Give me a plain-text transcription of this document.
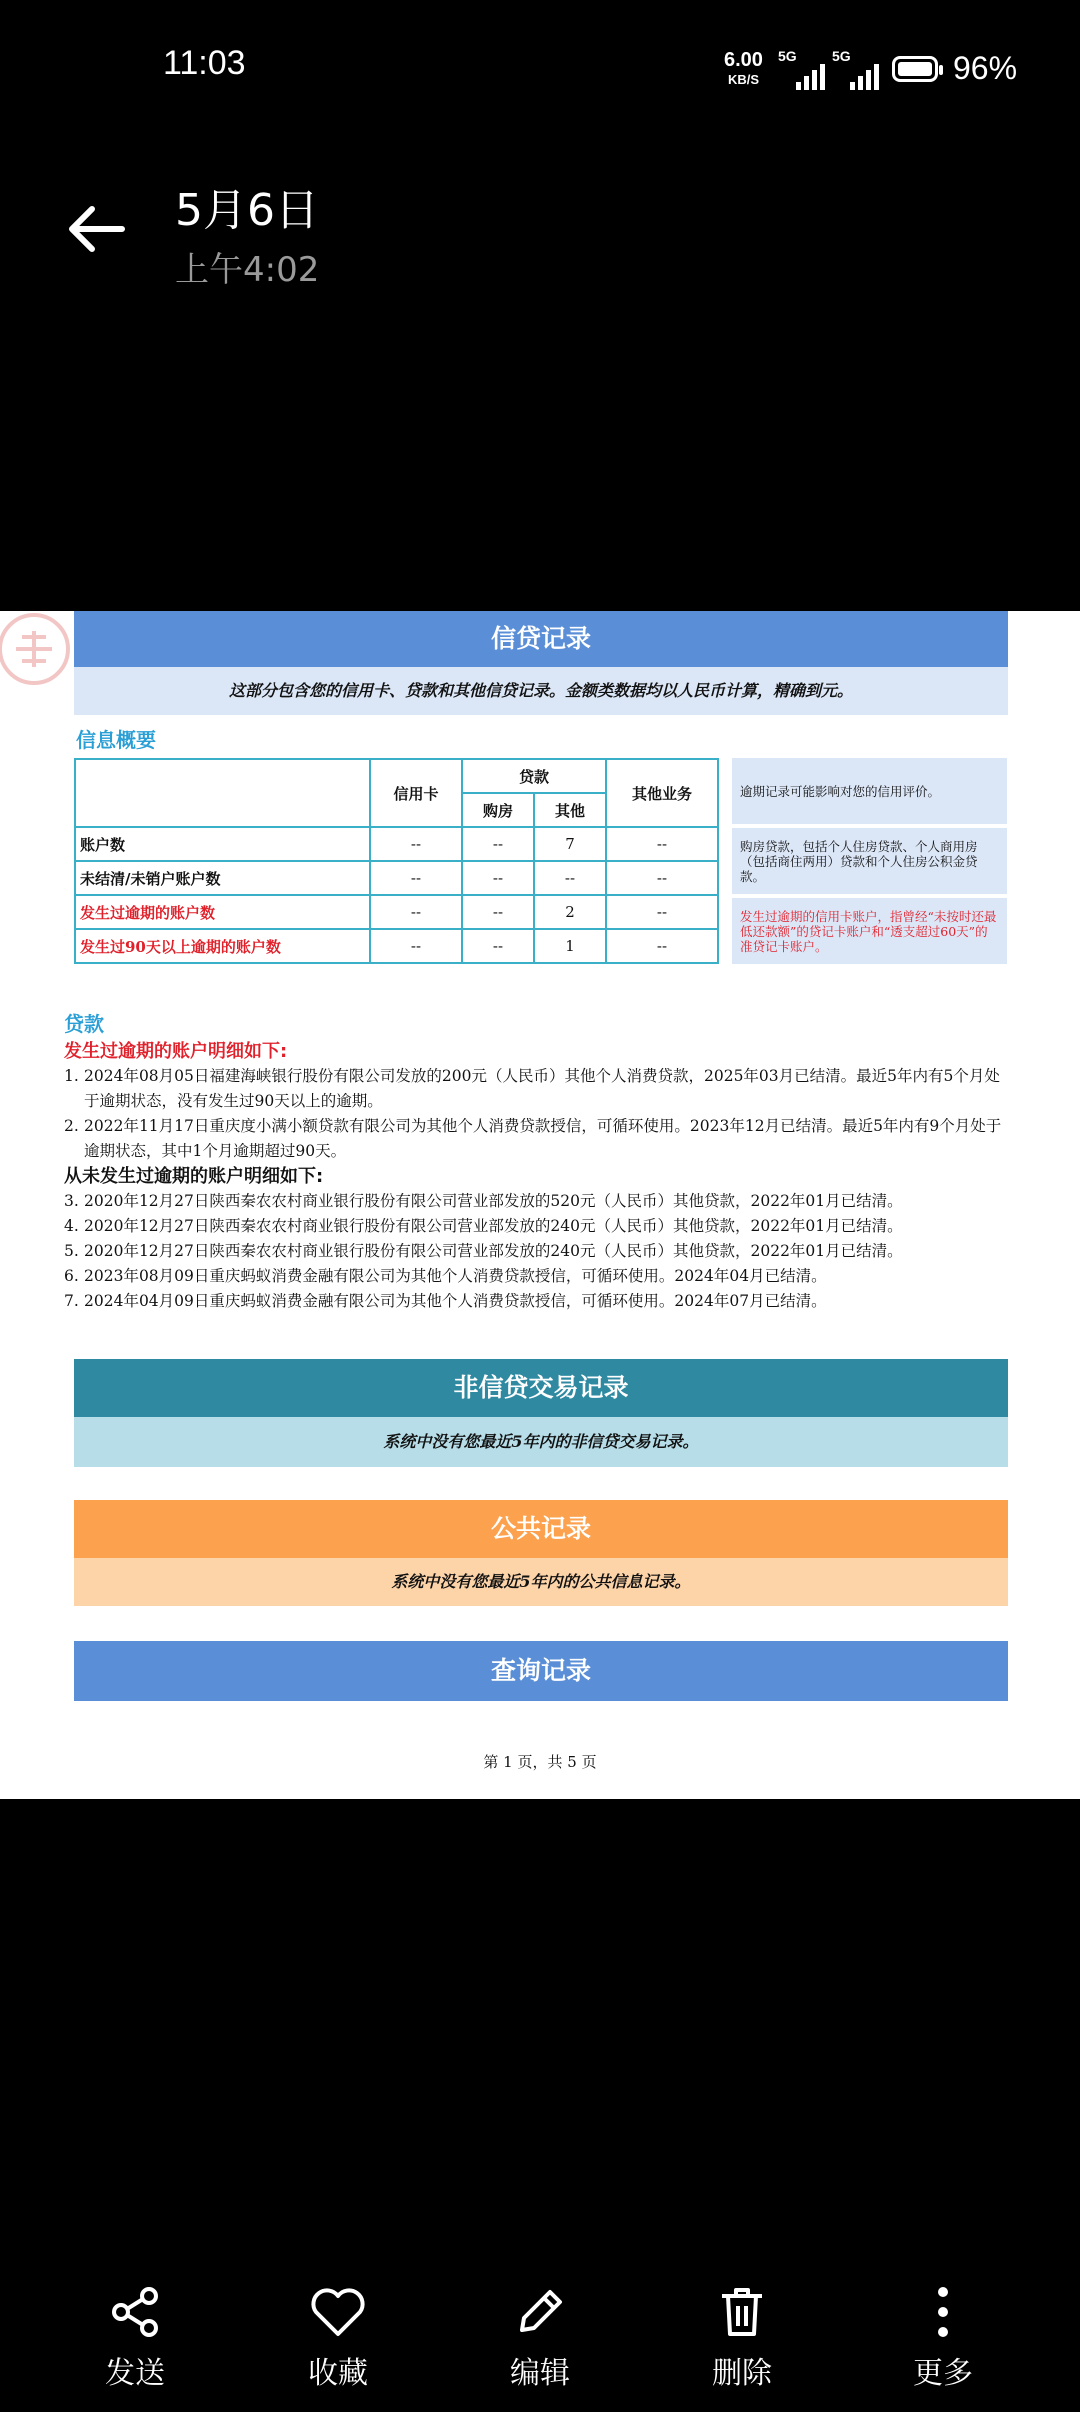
11:03	6.00
KB/S
5G	5G	96%
5月6日
上午4:02
信贷记录
这部分包含您的信用卡、贷款和其他信贷记录。金额类数据均以人民币计算，精确到元。
信息概要
	信用卡	贷款		其他业务
		购房	其他	
账户数	--	--	7	--
未结清/未销户账户数	--	--	--	--
发生过逾期的账户数	--	--	2	--
发生过90天以上逾期的账户数	--	--	1	--
逾期记录可能影响对您的信用评价。
购房贷款，包括个人住房贷款、个人商用房（包括商住两用）贷款和个人住房公积金贷款。
发生过逾期的信用卡账户，指曾经“未按时还最低还款额”的贷记卡账户和“透支超过60天”的准贷记卡账户。
贷款
发生过逾期的账户明细如下:
1. 2024年08月05日福建海峡银行股份有限公司发放的200元（人民币）其他个人消费贷款，2025年03月已结清。最近5年内有5个月处于逾期状态，没有发生过90天以上的逾期。
2. 2022年11月17日重庆度小满小额贷款有限公司为其他个人消费贷款授信，可循环使用。2023年12月已结清。最近5年内有9个月处于逾期状态，其中1个月逾期超过90天。
从未发生过逾期的账户明细如下:
3. 2020年12月27日陕西秦农农村商业银行股份有限公司营业部发放的520元（人民币）其他贷款，2022年01月已结清。
4. 2020年12月27日陕西秦农农村商业银行股份有限公司营业部发放的240元（人民币）其他贷款，2022年01月已结清。
5. 2020年12月27日陕西秦农农村商业银行股份有限公司营业部发放的240元（人民币）其他贷款，2022年01月已结清。
6. 2023年08月09日重庆蚂蚁消费金融有限公司为其他个人消费贷款授信，可循环使用。2024年04月已结清。
7. 2024年04月09日重庆蚂蚁消费金融有限公司为其他个人消费贷款授信，可循环使用。2024年07月已结清。
非信贷交易记录
系统中没有您最近5年内的非信贷交易记录。
公共记录
系统中没有您最近5年内的公共信息记录。
查询记录
第 1 页，共 5 页
发送	收藏	编辑	删除	更多
